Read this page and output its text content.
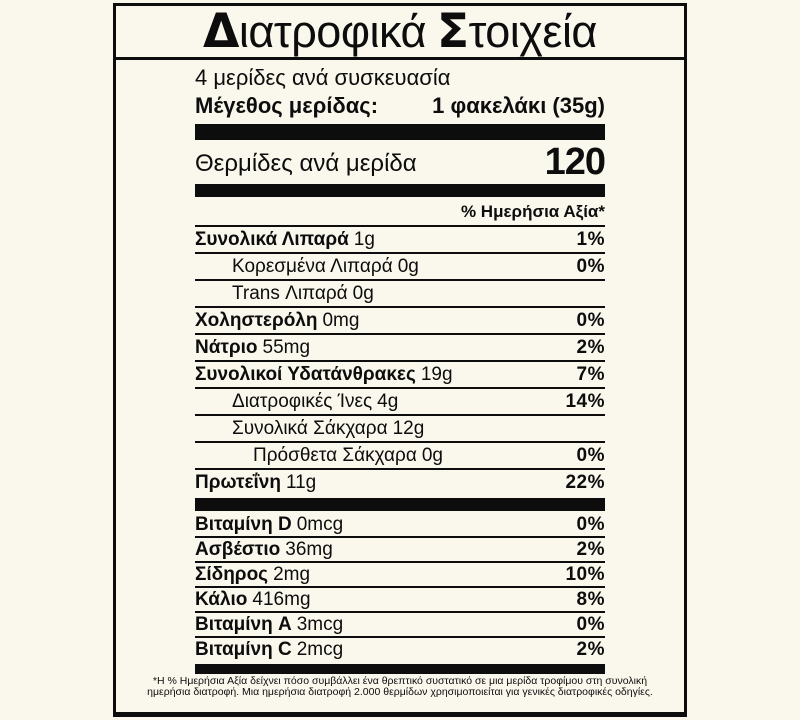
Δ ιατροφικά Σ τοιχεία
4 μερίδες ανά συσκευασία
Μέγεθος μερίδας: 1 φακελάκι (35g)
Θερμίδες ανά μερίδα	120
% Ημερήσια Αξία*
Συνολικά Λιπαρά 1g	1%
Κορεσμένα Λιπαρά 0g	0%
Trans Λιπαρά 0g
Χοληστερόλη 0mg	0%
Νάτριο 55mg	2%
Συνολικοί Υδατάνθρακες 19g	7%
Διατροφικές Ίνες 4g	14%
Συνολικά Σάκχαρα 12g
Πρόσθετα Σάκχαρα 0g	0%
Πρωτεΐνη 11g	22%
Βιταμίνη D 0mcg	0%
Ασβέστιο 36mg	2%
Σίδηρος 2mg	10%
Κάλιο 416mg	8%
Βιταμίνη A 3mcg	0%
Βιταμίνη C 2mcg	2%
*Η % Ημερήσια Αξία δείχνει πόσο συμβάλλει ένα θρεπτικό συστατικό σε μια μερίδα τροφίμου στη συνολική ημερήσια διατροφή. Μια ημερήσια διατροφή 2.000 θερμίδων χρησιμοποιείται για γενικές διατροφικές οδηγίες.
